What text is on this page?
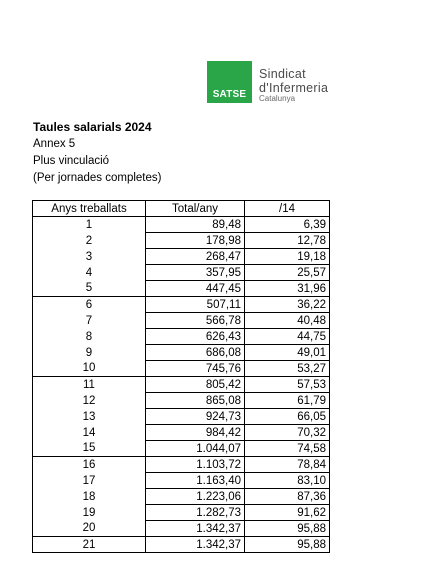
SATSE
Sindicat
d'Infermeria
Catalunya
Taules salarials 2024
Annex 5
Plus vinculació
(Per jornades completes)
Anys treballats	Total/any	/14
1	89,48	6,39
2	178,98	12,78
3	268,47	19,18
4	357,95	25,57
5	447,45	31,96
6	507,11	36,22
7	566,78	40,48
8	626,43	44,75
9	686,08	49,01
10	745,76	53,27
11	805,42	57,53
12	865,08	61,79
13	924,73	66,05
14	984,42	70,32
15	1.044,07	74,58
16	1.103,72	78,84
17	1.163,40	83,10
18	1.223,06	87,36
19	1.282,73	91,62
20	1.342,37	95,88
21	1.342,37	95,88
